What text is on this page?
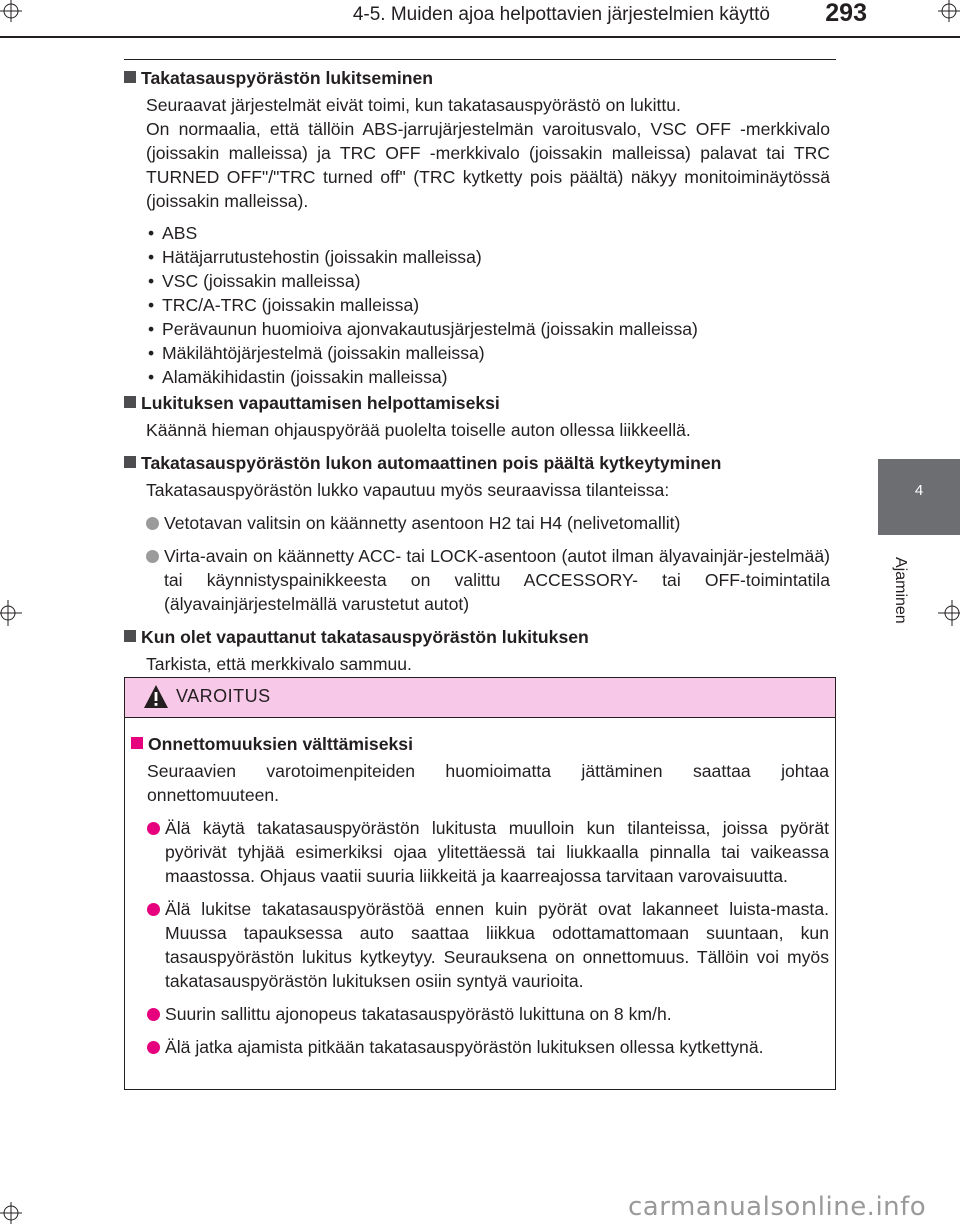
4-5. Muiden ajoa helpottavien järjestelmien käyttö	293
4
Ajaminen
Takatasauspyörästön lukitseminen
Seuraavat järjestelmät eivät toimi, kun takatasauspyörästö on lukittu.
On normaalia, että tällöin ABS-jarrujärjestelmän varoitusvalo, VSC OFF -merkkivalo (joissakin malleissa) ja TRC OFF -merkkivalo (joissakin malleissa) palavat tai TRC TURNED OFF"/"TRC turned off" (TRC kytketty pois päältä) näkyy monitoiminäytössä (joissakin malleissa).
• ABS
• Hätäjarrutustehostin (joissakin malleissa)
• VSC (joissakin malleissa)
• TRC/A-TRC (joissakin malleissa)
• Perävaunun huomioiva ajonvakautusjärjestelmä (joissakin malleissa)
• Mäkilähtöjärjestelmä (joissakin malleissa)
• Alamäkihidastin (joissakin malleissa)
Lukituksen vapauttamisen helpottamiseksi
Käännä hieman ohjauspyörää puolelta toiselle auton ollessa liikkeellä.
Takatasauspyörästön lukon automaattinen pois päältä kytkeytyminen
Takatasauspyörästön lukko vapautuu myös seuraavissa tilanteissa:
Vetotavan valitsin on käännetty asentoon H2 tai H4 (nelivetomallit)
Virta-avain on käännetty ACC- tai LOCK-asentoon (autot ilman älyavainjär-jestelmää) tai käynnistyspainikkeesta on valittu ACCESSORY- tai OFF-toimintatila (älyavainjärjestelmällä varustetut autot)
Kun olet vapauttanut takatasauspyörästön lukituksen
Tarkista, että merkkivalo sammuu.
VAROITUS
Onnettomuuksien välttämiseksi
Seuraavien varotoimenpiteiden huomioimatta jättäminen saattaa johtaa onnettomuuteen.
Älä käytä takatasauspyörästön lukitusta muulloin kun tilanteissa, joissa pyörät pyörivät tyhjää esimerkiksi ojaa ylitettäessä tai liukkaalla pinnalla tai vaikeassa maastossa. Ohjaus vaatii suuria liikkeitä ja kaarreajossa tarvitaan varovaisuutta.
Älä lukitse takatasauspyörästöä ennen kuin pyörät ovat lakanneet luista-masta. Muussa tapauksessa auto saattaa liikkua odottamattomaan suuntaan, kun tasauspyörästön lukitus kytkeytyy. Seurauksena on onnettomuus. Tällöin voi myös takatasauspyörästön lukituksen osiin syntyä vaurioita.
Suurin sallittu ajonopeus takatasauspyörästö lukittuna on 8 km/h.
Älä jatka ajamista pitkään takatasauspyörästön lukituksen ollessa kytkettynä.
carmanualsonline.info
